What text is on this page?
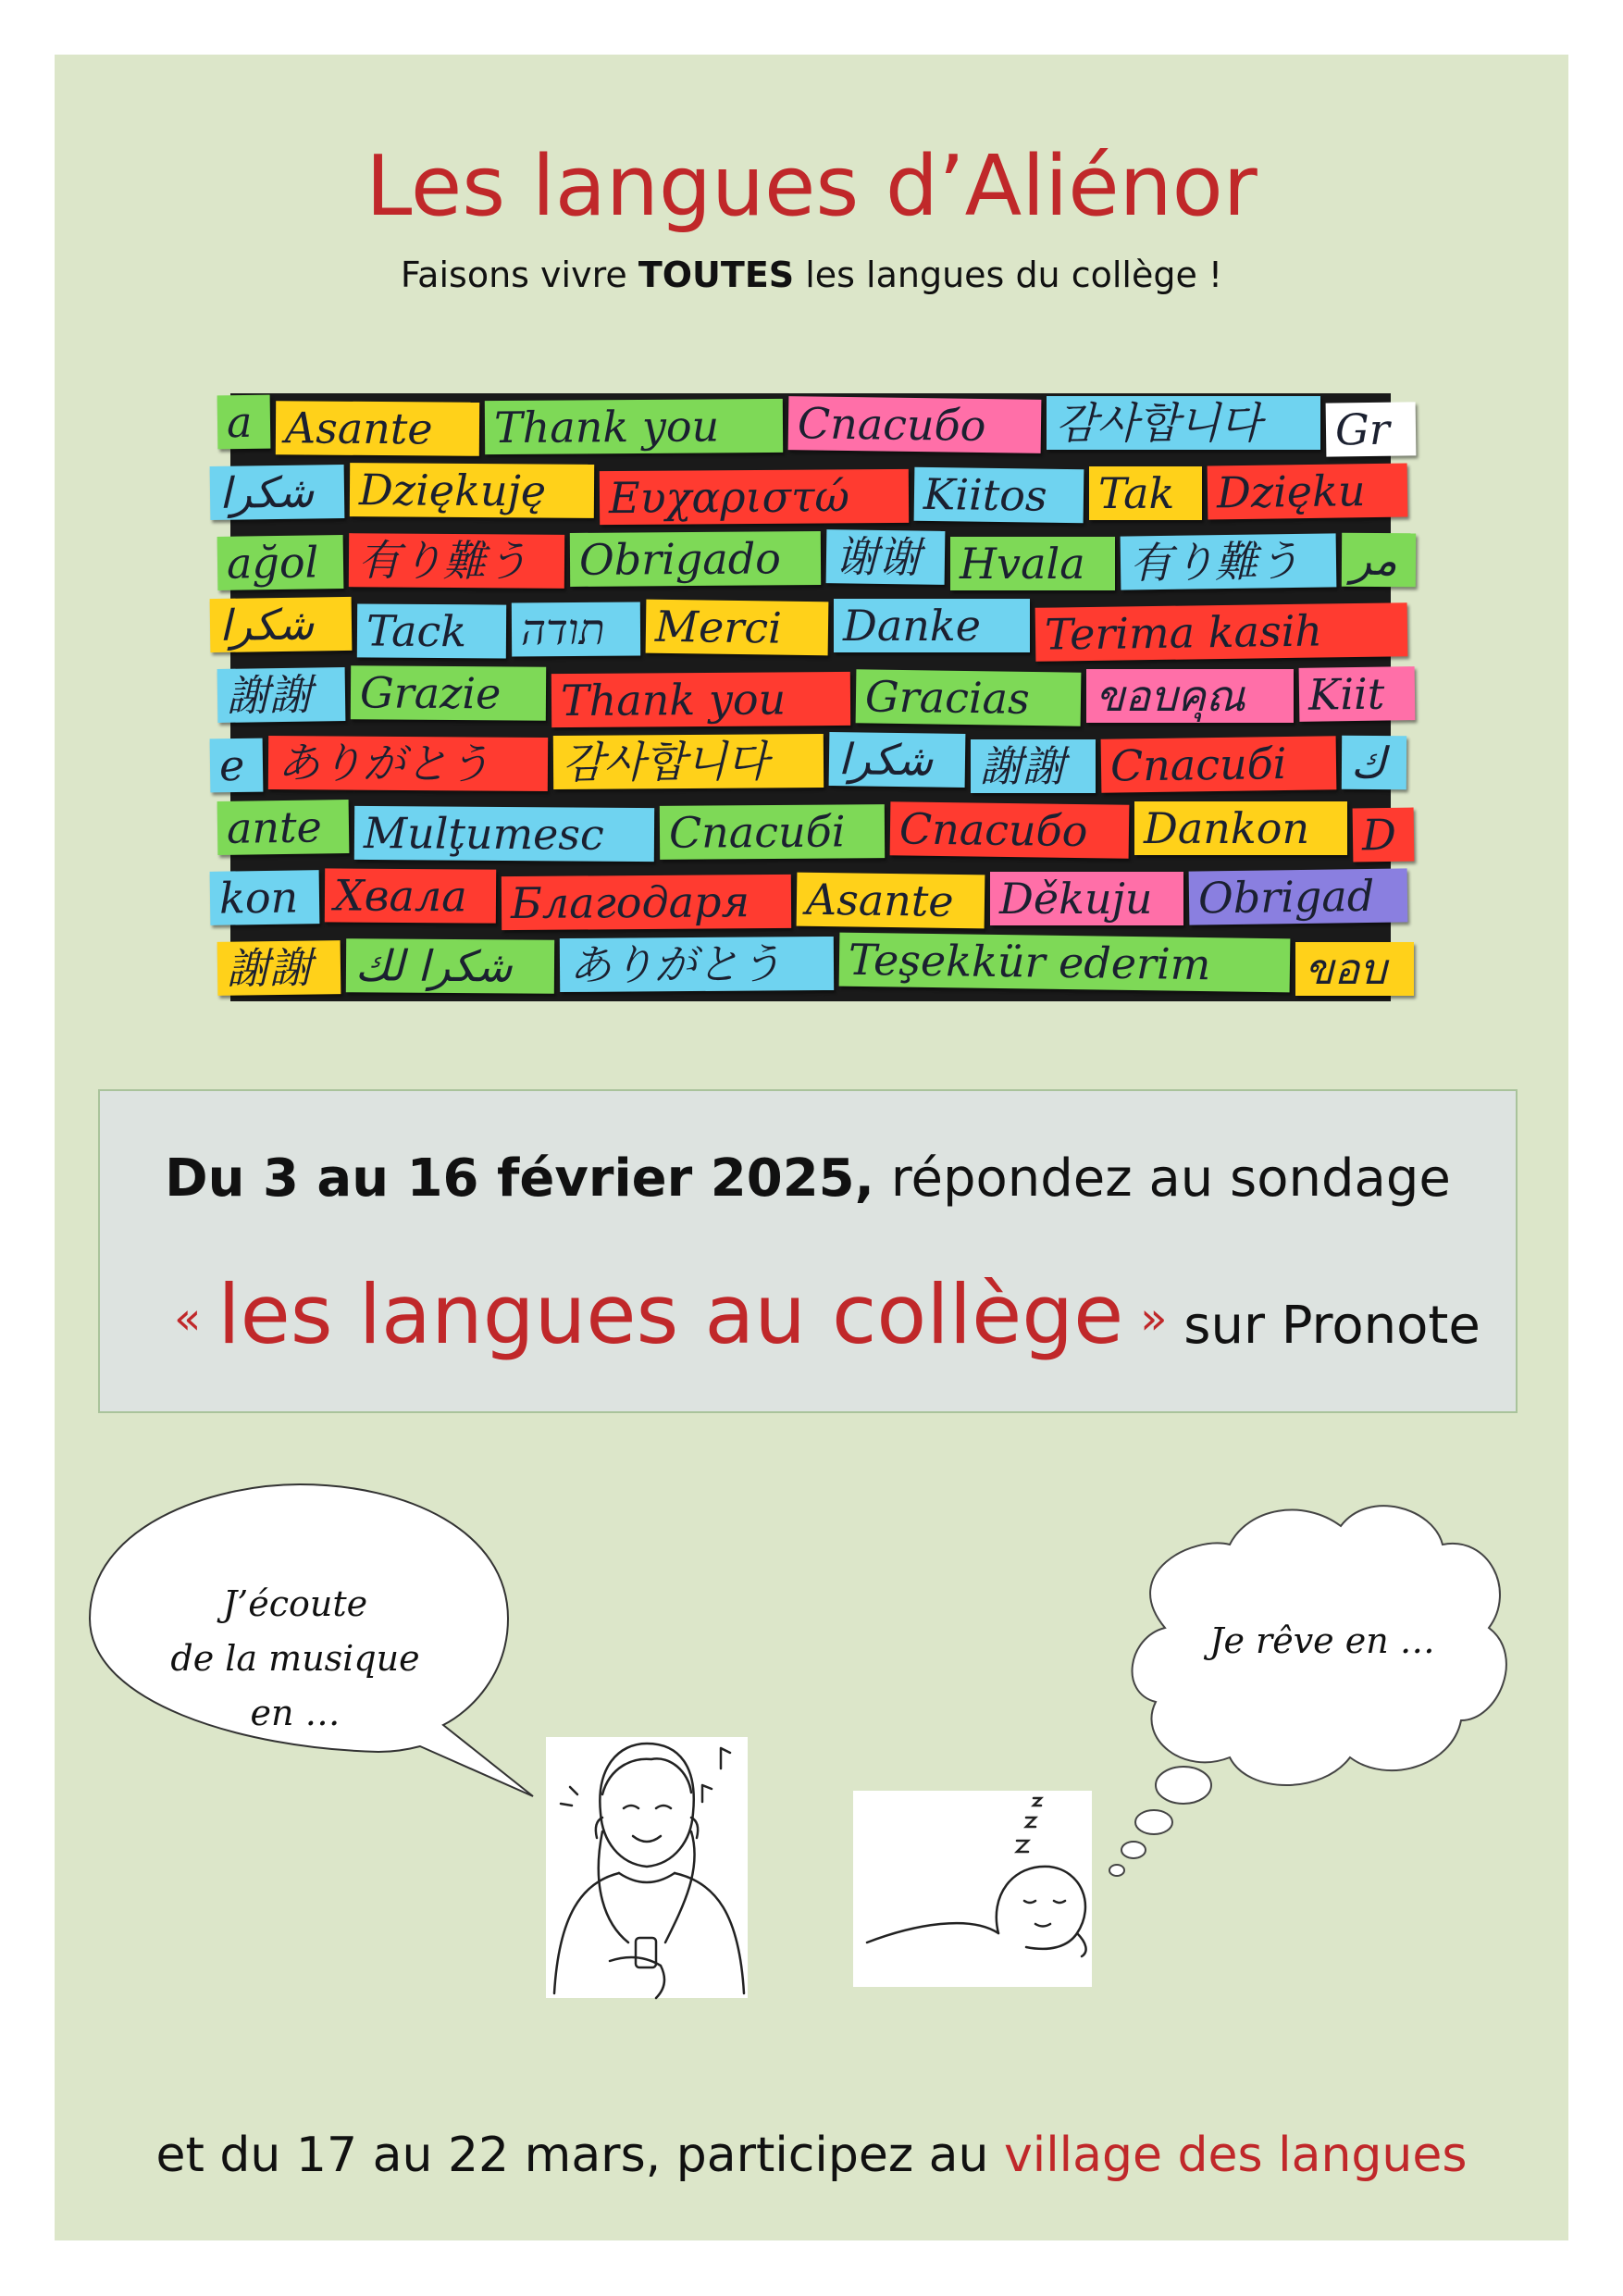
Les langues d’Aliénor
Faisons vivre TOUTES les langues du collège !
a Asante	Thank you	Спасибо	감사합니다	Gr
شكرا	Dziękuję	Ευχαριστώ	Kiitos	Tak Dzięku
ağol 有り難う	Obrigado	谢谢 Hvala	有り難う	مر
شكرا	Tack	תודה	Merci	Danke	Terima kasih
謝謝	Grazie	Thank you	Gracias	ขอบคุณ	Kiit
e ありがとう	감사합니다	شكرا	謝謝	Cnacuбi	ك
ante Mulţumesc	Cnacuбi	Спасибо	Dankon	D
kon Хвала	Благодаря	Asante	Děkuju	Obrigad
謝謝	شكرا لك	ありがとう	Teşekkür ederim	ขอบ
Du 3 au 16 février 2025, répondez au sondage
« les langues au collège » sur Pronote
J’écoute
de la musique
en …
Je rêve en …
et du 17 au 22 mars, participez au village des langues
